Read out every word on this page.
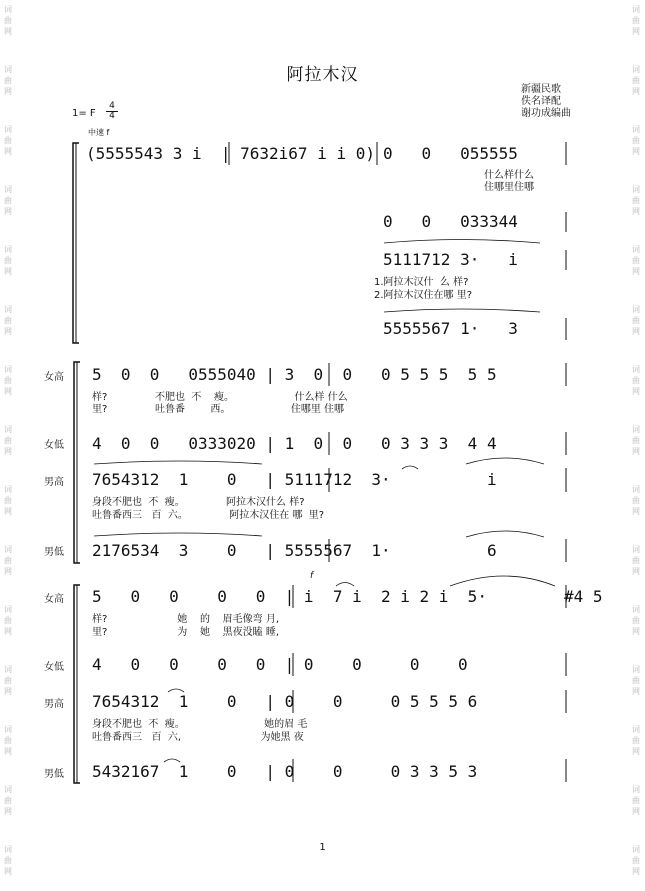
词
曲
网
词
曲
网
词
曲
网
词
曲
网
词
曲
网
词
曲
网
词
曲
网
词
曲
网
词
曲
网
词
曲
网
词
曲
网
词
曲
网
词
曲
网
词
曲
网
词
曲
网
词
曲
网
词
曲
网
词
曲
网
词
曲
网
词
曲
网
词
曲
网
词
曲
网
词
曲
网
词
曲
网
词
曲
网
词
曲
网
词
曲
网
词
曲
网
词
曲
网
词
曲
网
阿拉木汉
新疆民歌
佚名译配
谢功成编曲
1= F
4
4
中速 f
(5555543 3 i  | 7632i67 i i 0) 0   0   055555
什么样什么
住哪里住哪
0   0   033344
5111712 3·   i
1.阿拉木汉什  么 样?
2.阿拉木汉住在哪 里?
5555567 1·   3
女高
女低
男高
男低
5  0  0   0555040 | 3  0  0   0 5 5 5  5 5
样?               不肥也  不    瘦。                   什么样 什么
里?               吐鲁番        西。                   住哪里 住哪
4  0  0   0333020 | 1  0  0   0 3 3 3  4 4
7654312  1    0   | 5111712  3·          i
身段不肥也  不  瘦。             阿拉木汉什么 样?
吐鲁番西三   百  六。             阿拉木汉住在 哪  里?
2176534  3    0   | 5555567  1·          6
女高
女低
男高
男低
f
5   0   0    0   0  | i  7 i  2 i 2 i  5·        #4 5
样?                      她    的    眉毛像弯 月,
里?                      为    她    黑夜没瞌 睡,
4   0   0    0   0  | 0    0     0    0
7654312  1    0   | 0    0     0 5 5 5 6
身段不肥也  不  瘦。                         她的眉 毛
吐鲁番西三   百  六,                         为她黑 夜
5432167  1    0   | 0    0     0 3 3 5 3
1
